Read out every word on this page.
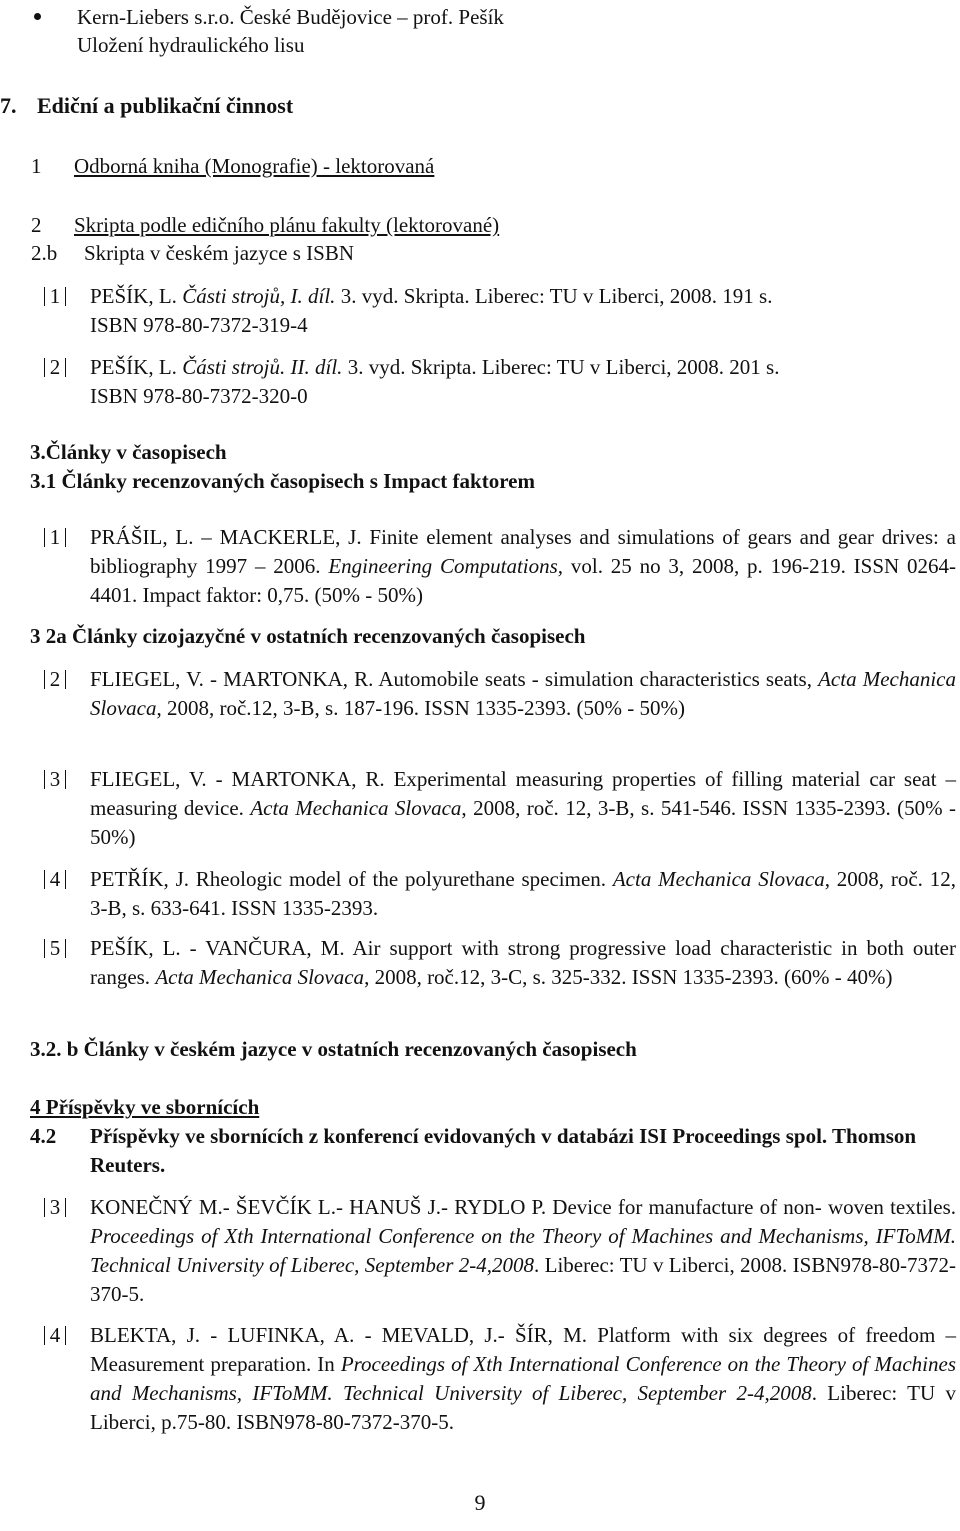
Kern-Liebers s.r.o. České Budějovice – prof. Pešík
Uložení hydraulického lisu
7. Ediční a publikační činnost
1 Odborná kniha (Monografie) - lektorovaná
2 Skripta podle edičního plánu fakulty (lektorované)
2.b Skripta v českém jazyce s ISBN
1 PEŠÍK, L. Části strojů, I. díl. 3. vyd. Skripta. Liberec: TU v Liberci, 2008. 191 s.
ISBN 978-80-7372-319-4
2 PEŠÍK, L. Části strojů. II. díl. 3. vyd. Skripta. Liberec: TU v Liberci, 2008. 201 s.
ISBN 978-80-7372-320-0
3.Články v časopisech
3.1 Články recenzovaných časopisech s Impact faktorem
1 PRÁŠIL, L. – MACKERLE, J. Finite element analyses and simulations of gears and gear drives: a bibliography 1997 – 2006. Engineering Computations, vol. 25 no 3, 2008, p. 196-219. ISSN 0264-4401. Impact faktor: 0,75. (50% - 50%)
3 2a Články cizojazyčné v ostatních recenzovaných časopisech
2 FLIEGEL, V. - MARTONKA, R. Automobile seats - simulation characteristics seats, Acta Mechanica Slovaca, 2008, roč.12, 3-B, s. 187-196. ISSN 1335-2393. (50% - 50%)
3 FLIEGEL, V. - MARTONKA, R. Experimental measuring properties of filling material car seat – measuring device. Acta Mechanica Slovaca, 2008, roč. 12, 3-B, s. 541-546. ISSN 1335-2393. (50% - 50%)
4 PETŘÍK, J. Rheologic model of the polyurethane specimen. Acta Mechanica Slovaca, 2008, roč. 12, 3-B, s. 633-641. ISSN 1335-2393.
5 PEŠÍK, L. - VANČURA, M. Air support with strong progressive load characteristic in both outer ranges. Acta Mechanica Slovaca, 2008, roč.12, 3-C, s. 325-332. ISSN 1335-2393. (60% - 40%)
3.2. b Články v českém jazyce v ostatních recenzovaných časopisech
4 Příspěvky ve sbornících
4.2 Příspěvky ve sbornících z konferencí evidovaných v databázi ISI Proceedings spol. Thomson Reuters.
3 KONEČNÝ M.- ŠEVČÍK L.- HANUŠ J.- RYDLO P. Device for manufacture of non- woven textiles. Proceedings of Xth International Conference on the Theory of Machines and Mechanisms, IFToMM. Technical University of Liberec, September 2-4,2008. Liberec: TU v Liberci, 2008. ISBN978-80-7372-370-5.
4 BLEKTA, J. - LUFINKA, A. - MEVALD, J.- ŠÍR, M. Platform with six degrees of freedom – Measurement preparation. In Proceedings of Xth International Conference on the Theory of Machines and Mechanisms, IFToMM. Technical University of Liberec, September 2-4,2008. Liberec: TU v Liberci, p.75-80. ISBN978-80-7372-370-5.
9
